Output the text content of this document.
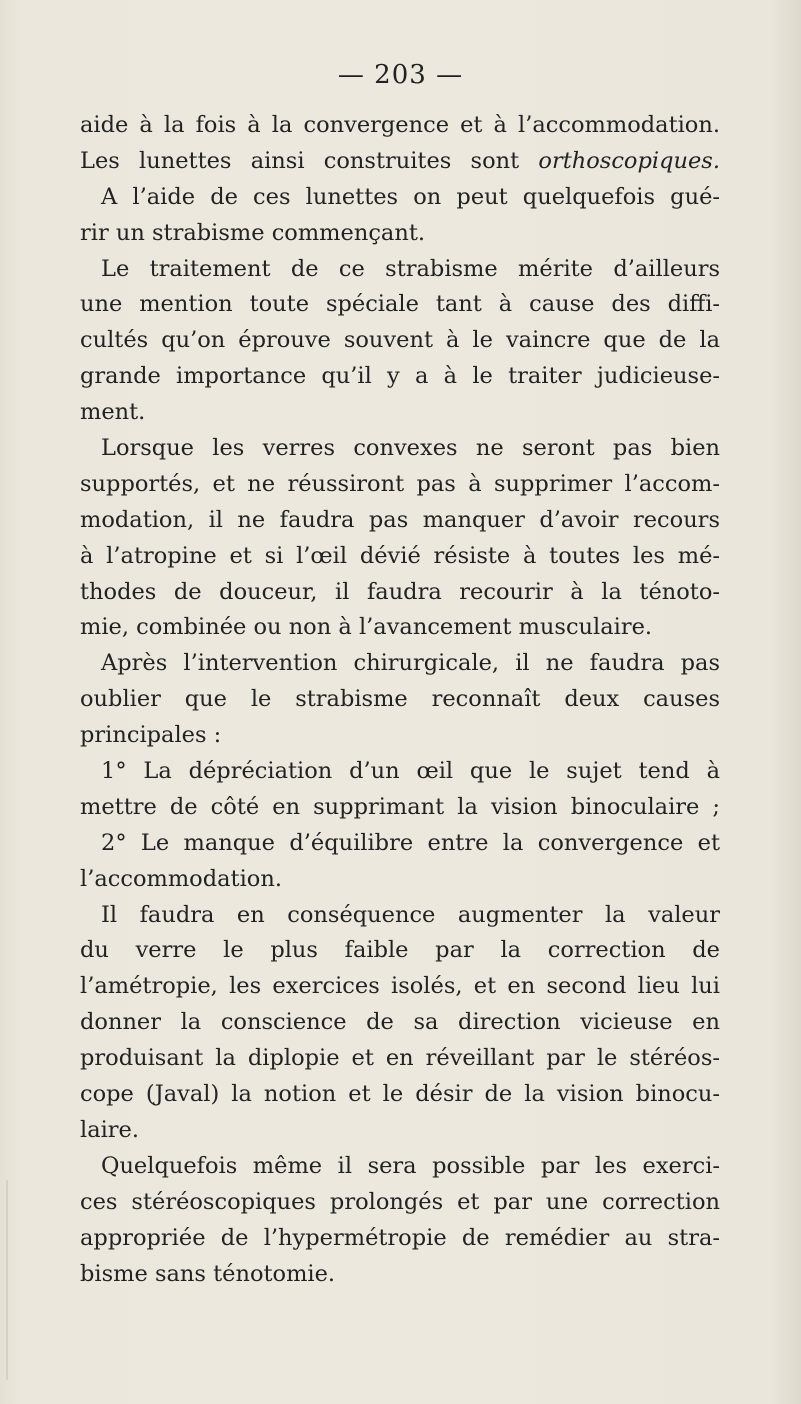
— 203 —
aide à la fois à la convergence et à l’accommodation.
Les lunettes ainsi construites sont orthoscopiques.
A l’aide de ces lunettes on peut quelquefois gué-
rir un strabisme commençant.
Le traitement de ce strabisme mérite d’ailleurs
une mention toute spéciale tant à cause des diffi-
cultés qu’on éprouve souvent à le vaincre que de la
grande importance qu’il y a à le traiter judicieuse-
ment.
Lorsque les verres convexes ne seront pas bien
supportés, et ne réussiront pas à supprimer l’accom-
modation, il ne faudra pas manquer d’avoir recours
à l’atropine et si l’œil dévié résiste à toutes les mé-
thodes de douceur, il faudra recourir à la ténoto-
mie, combinée ou non à l’avancement musculaire.
Après l’intervention chirurgicale, il ne faudra pas
oublier que le strabisme reconnaît deux causes
principales :
1° La dépréciation d’un œil que le sujet tend à
mettre de côté en supprimant la vision binoculaire ;
2° Le manque d’équilibre entre la convergence et
l’accommodation.
Il faudra en conséquence augmenter la valeur
du verre le plus faible par la correction de
l’amétropie, les exercices isolés, et en second lieu lui
donner la conscience de sa direction vicieuse en
produisant la diplopie et en réveillant par le stéréos-
cope (Javal) la notion et le désir de la vision binocu-
laire.
Quelquefois même il sera possible par les exerci-
ces stéréoscopiques prolongés et par une correction
appropriée de l’hypermétropie de remédier au stra-
bisme sans ténotomie.
